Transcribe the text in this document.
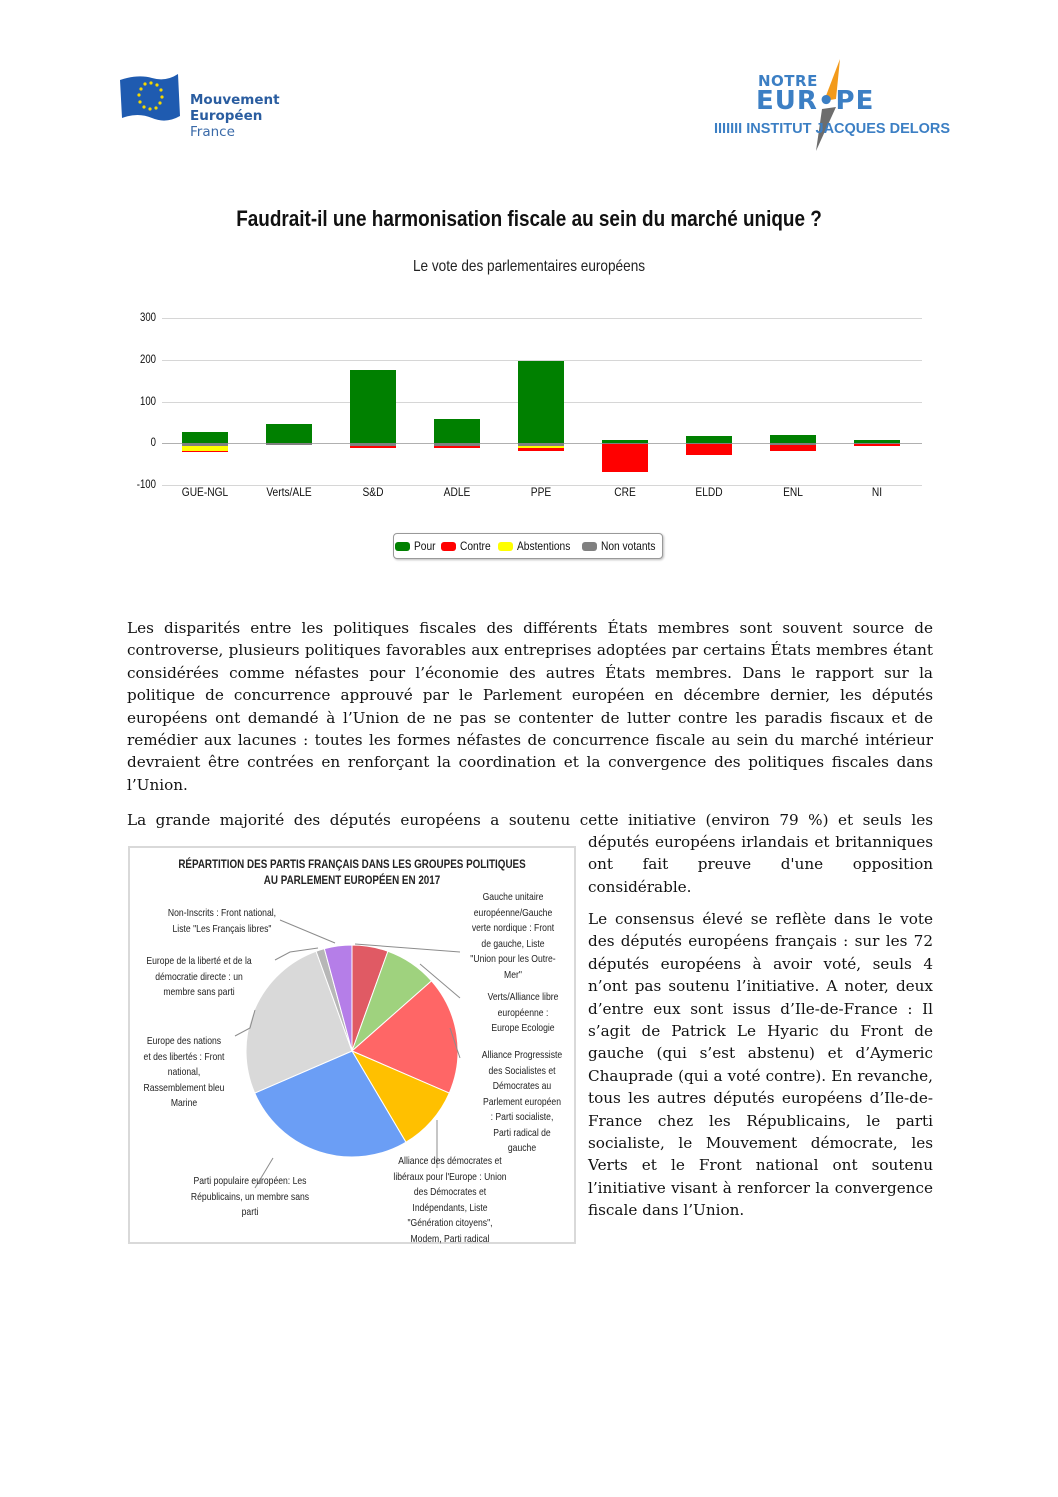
Mouvement
Européen
France
NOTRE
EUR•PE
IIIIIII INSTITUT JACQUES DELORS
Faudrait-il une harmonisation fiscale au sein du marché unique ?
Le vote des parlementaires européens
300
200
100
0
-100
GUE-NGL	Verts/ALE	S&D	ADLE	PPE	CRE	ELDD	ENL	NI
Pour Contre Abstentions	Non votants
Les disparités entre les politiques fiscales des différents États membres sont souvent source de controverse, plusieurs politiques favorables aux entreprises adoptées par certains États membres étant considérées comme néfastes pour l’économie des autres États membres. Dans le rapport sur la politique de concurrence approuvé par le Parlement européen en décembre dernier, les députés européens ont demandé à l’Union de ne pas se contenter de lutter contre les paradis fiscaux et de remédier aux lacunes : toutes les formes néfastes de concurrence fiscale au sein du marché intérieur devraient être contrées en renforçant la coordination et la convergence des politiques fiscales dans l’Union.
La grande majorité des députés européens a soutenu cette initiative (environ 79 %) et seuls les
députés européens irlandais et britanniques ont fait preuve d'une opposition considérable.
Le consensus élevé se reflète dans le vote des députés européens français : sur les 72 députés européens à avoir voté, seuls 4 n’ont pas soutenu l’initiative. A noter, deux d’entre eux sont issus d’Ile-de-France : Il s’agit de Patrick Le Hyaric du Front de gauche (qui s’est abstenu) et d’Aymeric Chauprade (qui a voté contre). En revanche, tous les autres députés européens d’Ile-de-France chez les Républicains, le parti socialiste, le Mouvement démocrate, les Verts et le Front national ont soutenu l’initiative visant à renforcer la convergence fiscale dans l’Union.
RÉPARTITION DES PARTIS FRANÇAIS DANS LES GROUPES POLITIQUES
AU PARLEMENT EUROPÉEN EN 2017
Non-Inscrits : Front national, Liste "Les Français libres"
Europe de la liberté et de la démocratie directe : un membre sans parti
Europe des nations et des libertés : Front national, Rassemblement bleu Marine
Parti populaire européen: Les Républicains, un membre sans parti
Gauche unitaire européenne/Gauche verte nordique : Front de gauche, Liste "Union pour les Outre-Mer"
Verts/Alliance libre européenne : Europe Ecologie
Alliance Progressiste des Socialistes et Démocrates au Parlement européen : Parti socialiste, Parti radical de gauche
Alliance des démocrates et libéraux pour l'Europe : Union des Démocrates et Indépendants, Liste "Génération citoyens", Modem, Parti radical
